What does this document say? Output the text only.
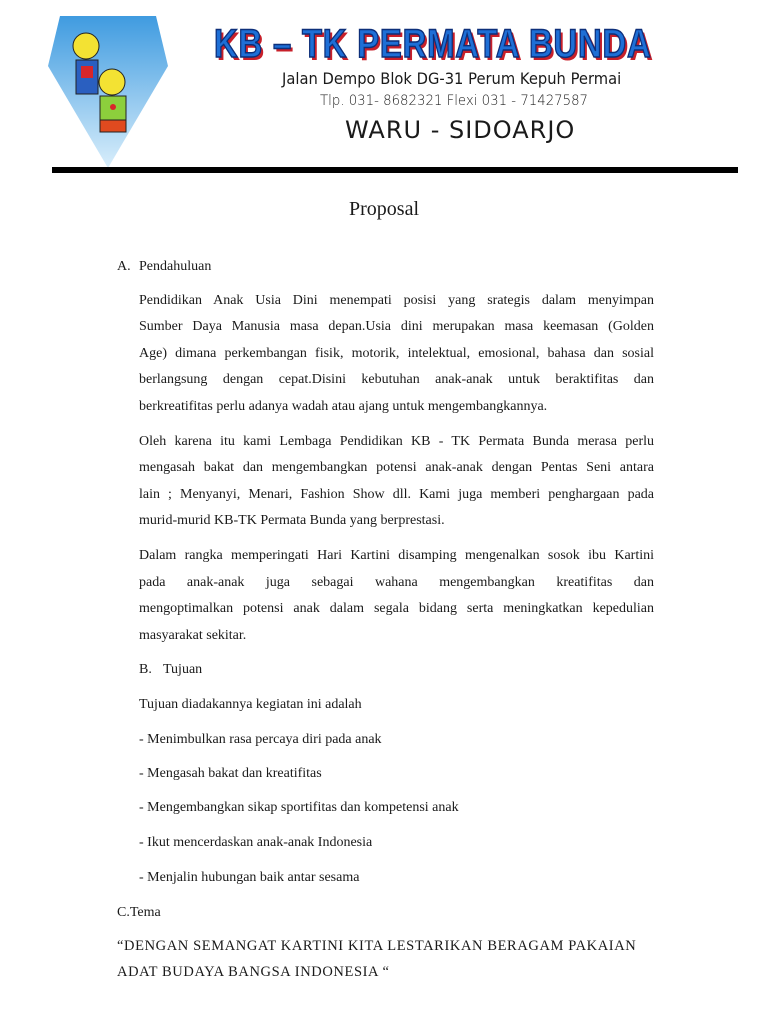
KB – TK PERMATA BUNDA
Jalan Dempo Blok DG-31 Perum Kepuh Permai
Tlp. 031- 8682321 Flexi 031 - 71427587
WARU - SIDOARJO
Proposal
A. Pendahuluan
Pendidikan Anak Usia Dini menempati posisi yang srategis dalam menyimpan
Sumber Daya Manusia masa depan.Usia dini merupakan masa keemasan (Golden
Age) dimana perkembangan fisik, motorik, intelektual, emosional, bahasa dan sosial
berlangsung dengan cepat.Disini kebutuhan anak-anak untuk beraktifitas dan
berkreatifitas perlu adanya wadah atau ajang untuk mengembangkannya.
Oleh karena itu kami Lembaga Pendidikan KB - TK Permata Bunda merasa perlu
mengasah bakat dan mengembangkan potensi anak-anak dengan Pentas Seni antara
lain ; Menyanyi, Menari, Fashion Show dll. Kami juga memberi penghargaan pada
murid-murid KB-TK Permata Bunda yang berprestasi.
Dalam rangka memperingati Hari Kartini disamping mengenalkan sosok ibu Kartini
pada anak-anak juga sebagai wahana mengembangkan kreatifitas dan
mengoptimalkan potensi anak dalam segala bidang serta meningkatkan kepedulian
masyarakat sekitar.
B. Tujuan
Tujuan diadakannya kegiatan ini adalah
- Menimbulkan rasa percaya diri pada anak
- Mengasah bakat dan kreatifitas
- Mengembangkan sikap sportifitas dan kompetensi anak
- Ikut mencerdaskan anak-anak Indonesia
- Menjalin hubungan baik antar sesama
C.Tema
“DENGAN SEMANGAT KARTINI KITA LESTARIKAN BERAGAM PAKAIAN
ADAT BUDAYA BANGSA INDONESIA “
